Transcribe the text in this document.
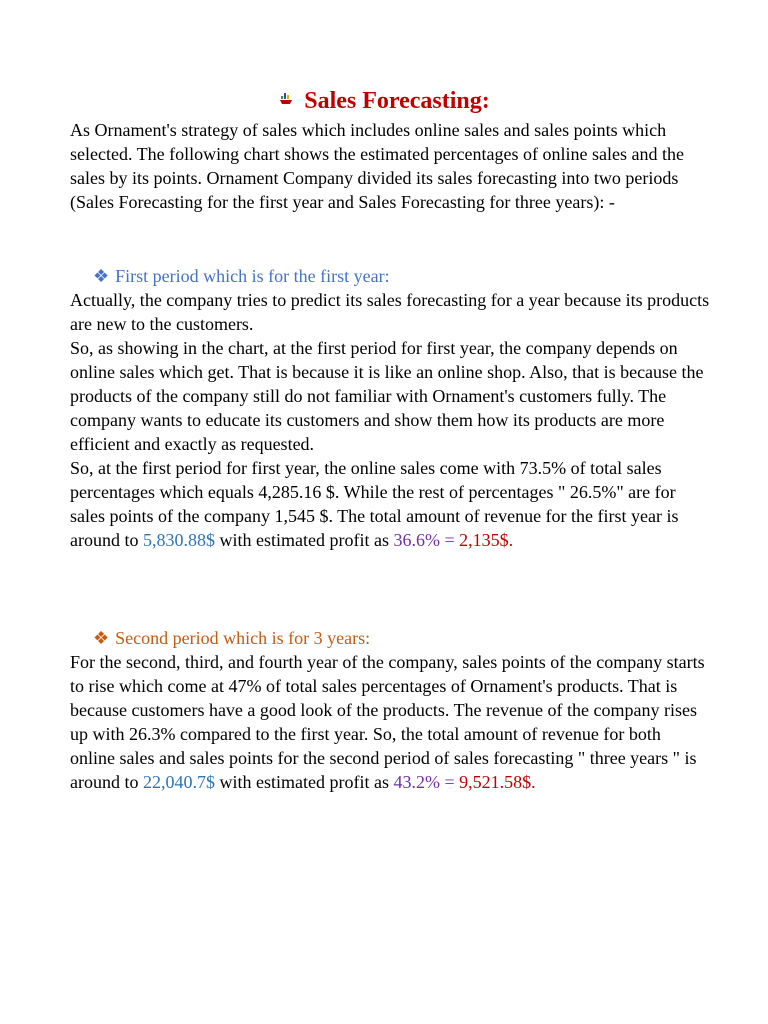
Sales Forecasting:

As Ornament's strategy of sales which includes online sales and sales points which selected. The following chart shows the estimated percentages of online sales and the sales by its points. Ornament Company divided its sales forecasting into two periods (Sales Forecasting for the first year and Sales Forecasting for three years): -

❖ First period which is for the first year:

Actually, the company tries to predict its sales forecasting for a year because its products are new to the customers.

So, as showing in the chart, at the first period for first year, the company depends on online sales which get. That is because it is like an online shop. Also, that is because the products of the company still do not familiar with Ornament's customers fully. The company wants to educate its customers and show them how its products are more efficient and exactly as requested.

So, at the first period for first year, the online sales come with 73.5% of total sales percentages which equals 4,285.16 $. While the rest of percentages " 26.5%" are for sales points of the company 1,545 $. The total amount of revenue for the first year is around to 5,830.88$ with estimated profit as 36.6% = 2,135$.

❖ Second period which is for 3 years:

For the second, third, and fourth year of the company, sales points of the company starts to rise which come at 47% of total sales percentages of Ornament's products. That is because customers have a good look of the products. The revenue of the company rises up with 26.3% compared to the first year. So, the total amount of revenue for both online sales and sales points for the second period of sales forecasting " three years " is around to 22,040.7$ with estimated profit as 43.2% = 9,521.58$.
